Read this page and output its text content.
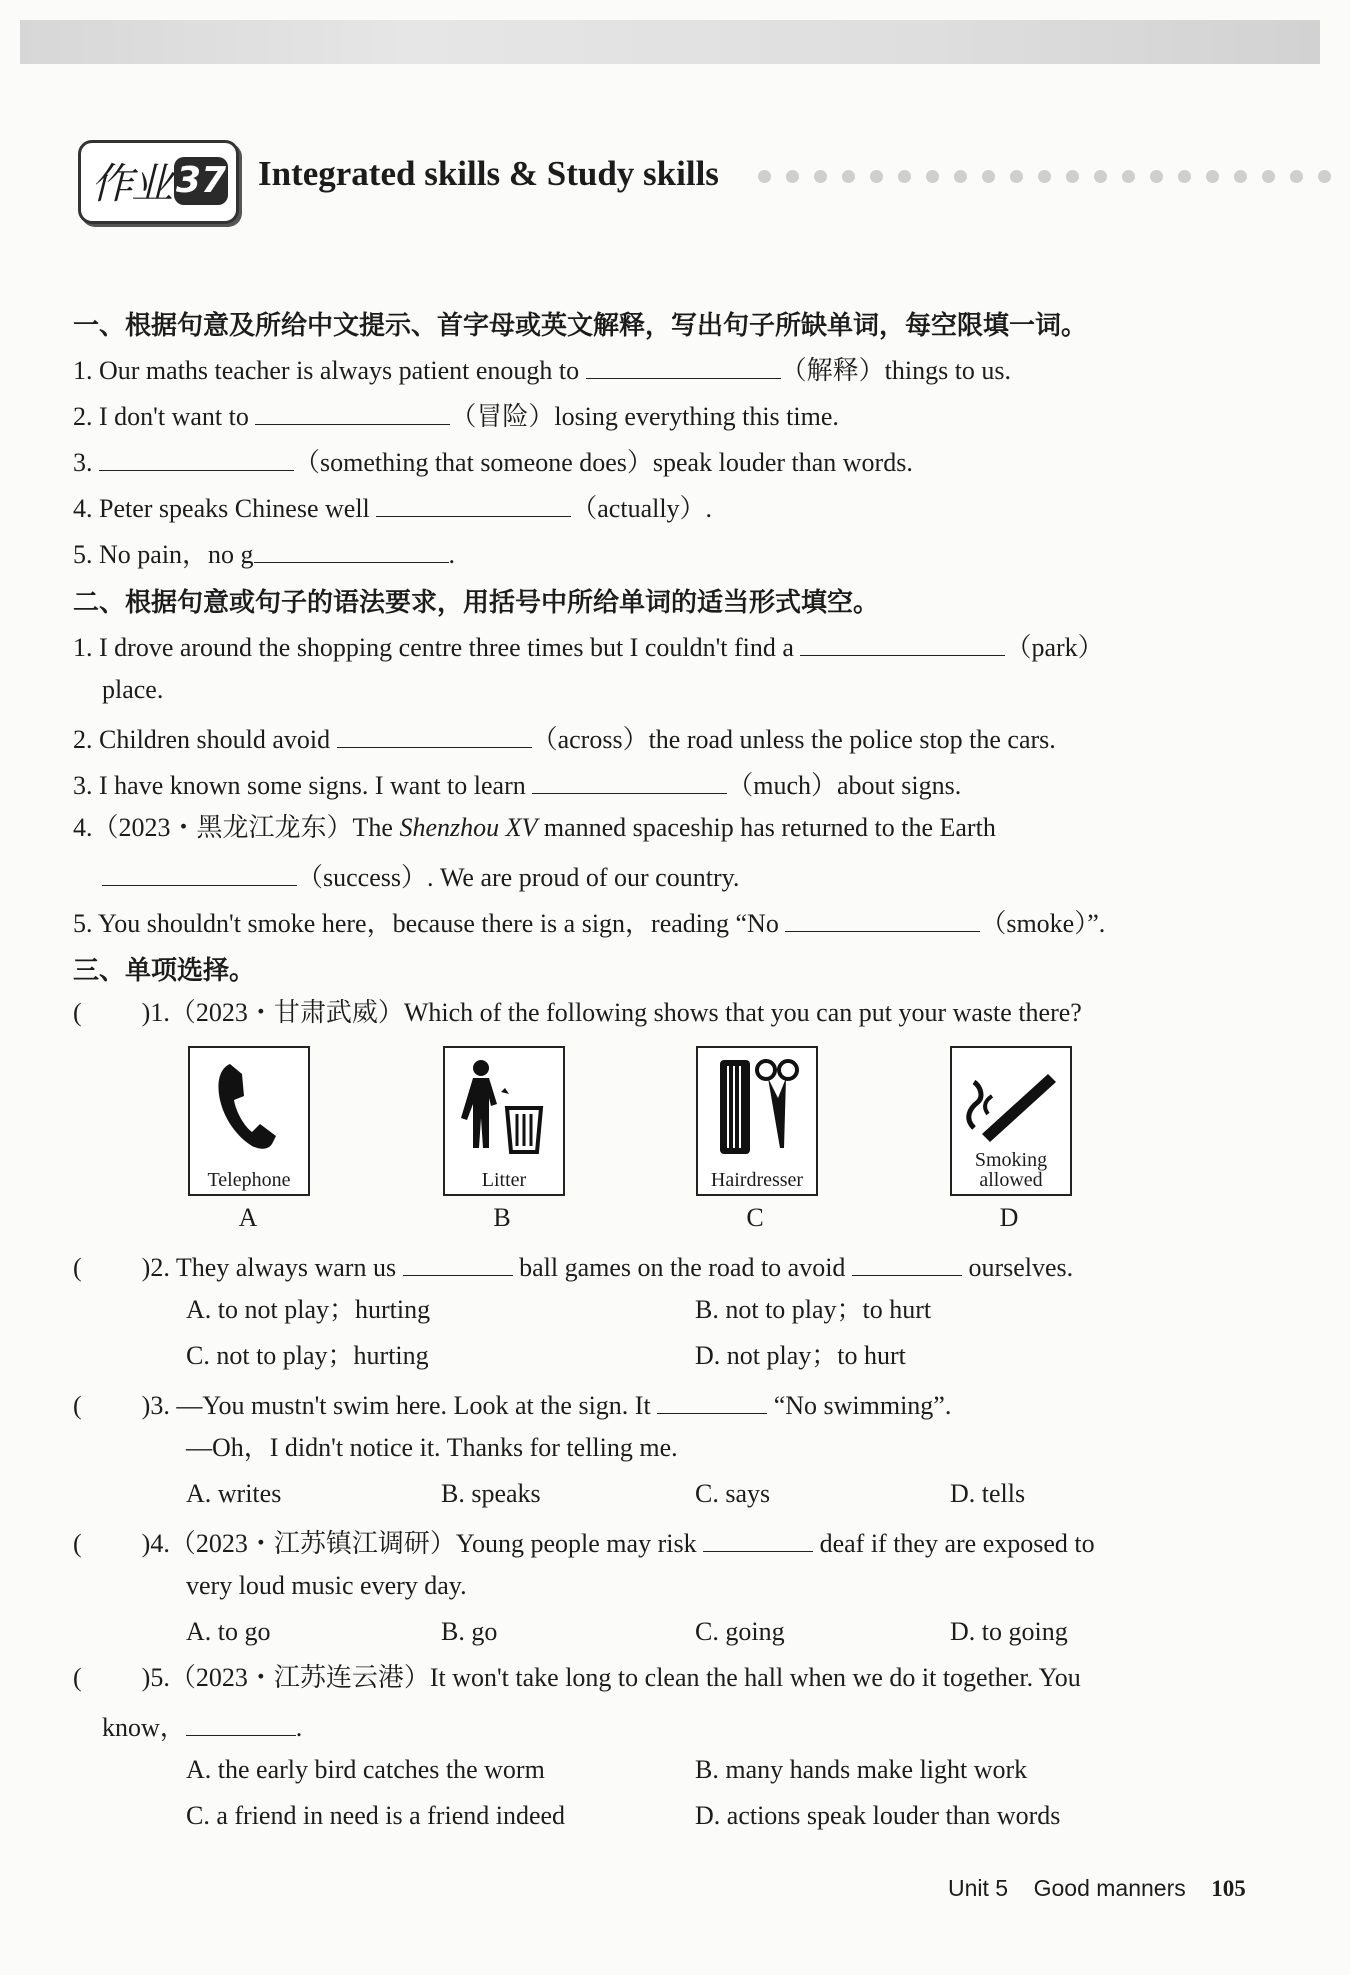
作业 37 Integrated skills & Study skills
一、根据句意及所给中文提示、首字母或英文解释，写出句子所缺单词，每空限填一词。
1. Our maths teacher is always patient enough to	（解释）things to us.
2. I don't want to	（冒险）losing everything this time.
3.	（something that someone does）speak louder than words.
4. Peter speaks Chinese well	（actually）.
5. No pain，no g	.
二、根据句意或句子的语法要求，用括号中所给单词的适当形式填空。
1. I drove around the shopping centre three times but I couldn't find a	（park）
place.
2. Children should avoid	（across）the road unless the police stop the cars.
3. I have known some signs. I want to learn	（much）about signs.
4.（2023・黑龙江龙东）The Shenzhou XV manned spaceship has returned to the Earth
（success）. We are proud of our country.
5. You shouldn't smoke here，because there is a sign，reading “No	（smoke）”.
三、单项选择。
( )1.（2023・甘肃武威）Which of the following shows that you can put your waste there?
Telephone
A
Litter
B
Hairdresser
C
Smoking
allowed
D
( )2. They always warn us	ball games on the road to avoid	ourselves.
A. to not play；hurting	B. not to play；to hurt
C. not to play；hurting	D. not play；to hurt
( )3. —You mustn't swim here. Look at the sign. It	“No swimming”.
—Oh，I didn't notice it. Thanks for telling me.
A. writes	B. speaks	C. says	D. tells
( )4.（2023・江苏镇江调研）Young people may risk	deaf if they are exposed to
very loud music every day.
A. to go	B. go	C. going	D. to going
( )5.（2023・江苏连云港）It won't take long to clean the hall when we do it together. You
know，	.
A. the early bird catches the worm	B. many hands make light work
C. a friend in need is a friend indeed	D. actions speak louder than words
Unit 5 Good manners 105
